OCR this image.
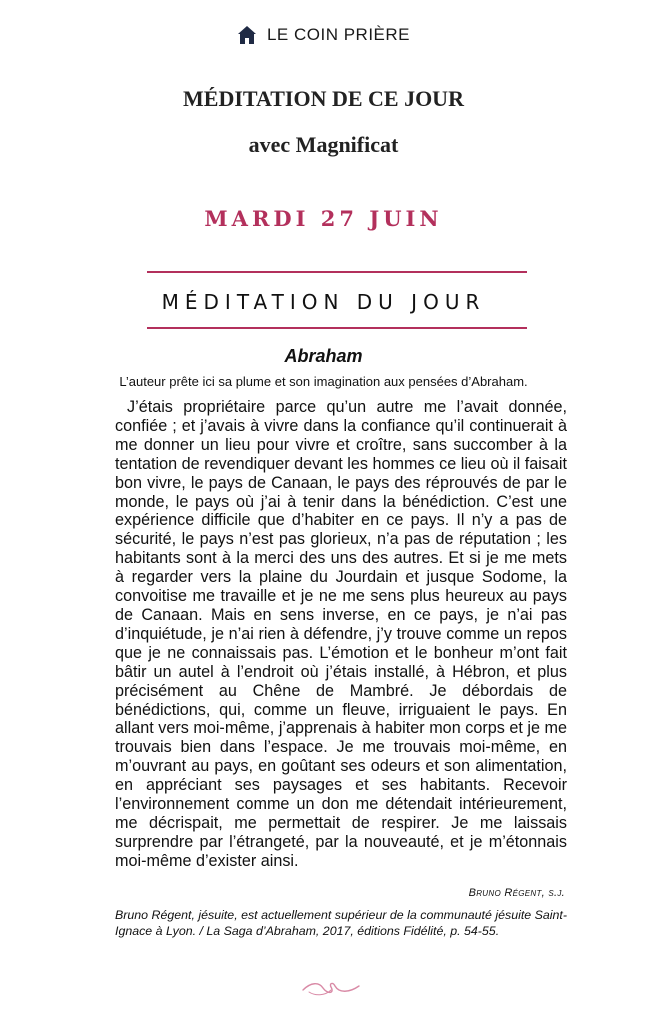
LE COIN PRIÈRE
MÉDITATION DE CE JOUR
avec Magnificat
MARDI 27 JUIN
MÉDITATION DU JOUR
Abraham
L’auteur prête ici sa plume et son imagination aux pensées d’Abraham.

J’étais propriétaire parce qu’un autre me l’avait donnée, confiée ; et j’avais à vivre dans la confiance qu’il continuerait à me donner un lieu pour vivre et croître, sans succomber à la tentation de revendiquer devant les hommes ce lieu où il faisait bon vivre, le pays de Canaan, le pays des réprouvés de par le monde, le pays où j’ai à tenir dans la bénédiction. C’est une expérience difficile que d’habiter en ce pays. Il n’y a pas de sécurité, le pays n’est pas glorieux, n’a pas de réputation ; les habitants sont à la merci des uns des autres. Et si je me mets à regarder vers la plaine du Jourdain et jusque Sodome, la convoitise me travaille et je ne me sens plus heureux au pays de Canaan. Mais en sens inverse, en ce pays, je n’ai pas d’inquiétude, je n’ai rien à défendre, j’y trouve comme un repos que je ne connaissais pas. L’émotion et le bonheur m’ont fait bâtir un autel à l’endroit où j’étais installé, à Hébron, et plus précisément au Chêne de Mambré. Je débordais de bénédictions, qui, comme un fleuve, irriguaient le pays. En allant vers moi-même, j’apprenais à habiter mon corps et je me trouvais bien dans l’espace. Je me trouvais moi-même, en m’ouvrant au pays, en goûtant ses odeurs et son alimentation, en appréciant ses paysages et ses habitants. Recevoir l’environnement comme un don me détendait intérieurement, me décrispait, me permettait de respirer. Je me laissais surprendre par l’étrangeté, par la nouveauté, et je m’étonnais moi-même d’exister ainsi.

Bruno Régent, s.j.

Bruno Régent, jésuite, est actuellement supérieur de la communauté jésuite Saint-Ignace à Lyon. / La Saga d’Abraham, 2017, éditions Fidélité, p. 54-55.
